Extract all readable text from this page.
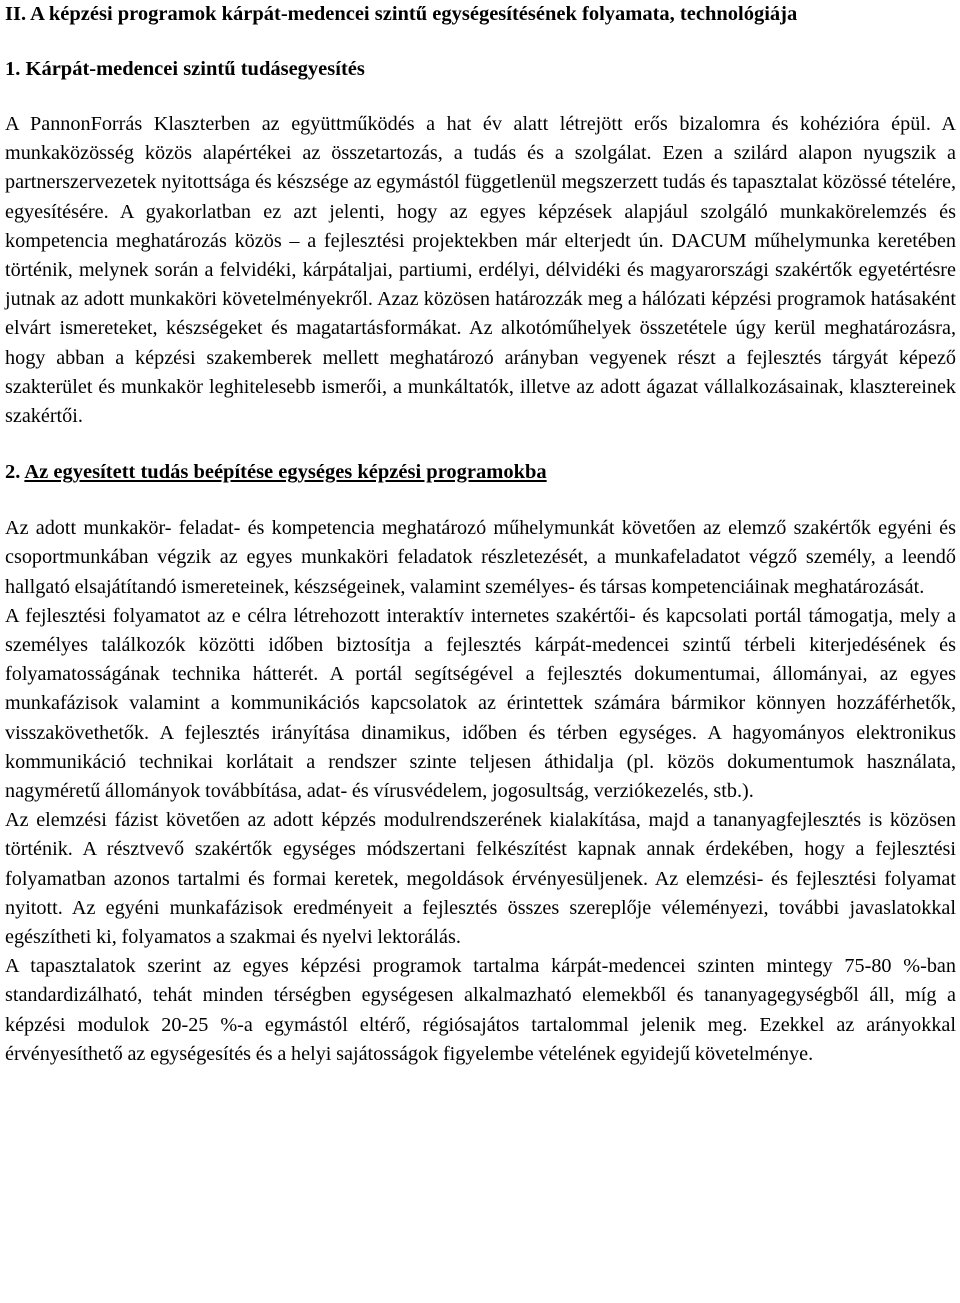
II. A képzési programok kárpát-medencei szintű egységesítésének folyamata, technológiája

1. Kárpát-medencei szintű tudásegyesítés

A PannonForrás Klaszterben az együttműködés a hat év alatt létrejött erős bizalomra és kohézióra épül. A munkaközösség közös alapértékei az összetartozás, a tudás és a szolgálat. Ezen a szilárd alapon nyugszik a partnerszervezetek nyitottsága és készsége az egymástól függetlenül megszerzett tudás és tapasztalat közössé tételére, egyesítésére. A gyakorlatban ez azt jelenti, hogy az egyes képzések alapjául szolgáló munkakörelemzés és kompetencia meghatározás közös – a fejlesztési projektekben már elterjedt ún. DACUM műhelymunka keretében történik, melynek során a felvidéki, kárpátaljai, partiumi, erdélyi, délvidéki és magyarországi szakértők egyetértésre jutnak az adott munkaköri követelményekről. Azaz közösen határozzák meg a hálózati képzési programok hatásaként elvárt ismereteket, készségeket és magatartásformákat. Az alkotóműhelyek összetétele úgy kerül meghatározásra, hogy abban a képzési szakemberek mellett meghatározó arányban vegyenek részt a fejlesztés tárgyát képező szakterület és munkakör leghitelesebb ismerői, a munkáltatók, illetve az adott ágazat vállalkozásainak, klasztereinek szakértői.

2. Az egyesített tudás beépítése egységes képzési programokba

Az adott munkakör- feladat- és kompetencia meghatározó műhelymunkát követően az elemző szakértők egyéni és csoportmunkában végzik az egyes munkaköri feladatok részletezését, a munkafeladatot végző személy, a leendő hallgató elsajátítandó ismereteinek, készségeinek, valamint személyes- és társas kompetenciáinak meghatározását.

A fejlesztési folyamatot az e célra létrehozott interaktív internetes szakértői- és kapcsolati portál támogatja, mely a személyes találkozók közötti időben biztosítja a fejlesztés kárpát-medencei szintű térbeli kiterjedésének és folyamatosságának technika hátterét. A portál segítségével a fejlesztés dokumentumai, állományai, az egyes munkafázisok valamint a kommunikációs kapcsolatok az érintettek számára bármikor könnyen hozzáférhetők, visszakövethetők. A fejlesztés irányítása dinamikus, időben és térben egységes. A hagyományos elektronikus kommunikáció technikai korlátait a rendszer szinte teljesen áthidalja (pl. közös dokumentumok használata, nagyméretű állományok továbbítása, adat- és vírusvédelem, jogosultság, verziókezelés, stb.).

Az elemzési fázist követően az adott képzés modulrendszerének kialakítása, majd a tananyagfejlesztés is közösen történik. A résztvevő szakértők egységes módszertani felkészítést kapnak annak érdekében, hogy a fejlesztési folyamatban azonos tartalmi és formai keretek, megoldások érvényesüljenek. Az elemzési- és fejlesztési folyamat nyitott. Az egyéni munkafázisok eredményeit a fejlesztés összes szereplője véleményezi, további javaslatokkal egészítheti ki, folyamatos a szakmai és nyelvi lektorálás.

A tapasztalatok szerint az egyes képzési programok tartalma kárpát-medencei szinten mintegy 75-80 %-ban standardizálható, tehát minden térségben egységesen alkalmazható elemekből és tananyagegységből áll, míg a képzési modulok 20-25 %-a egymástól eltérő, régiósajátos tartalommal jelenik meg. Ezekkel az arányokkal érvényesíthető az egységesítés és a helyi sajátosságok figyelembe vételének egyidejű követelménye.
